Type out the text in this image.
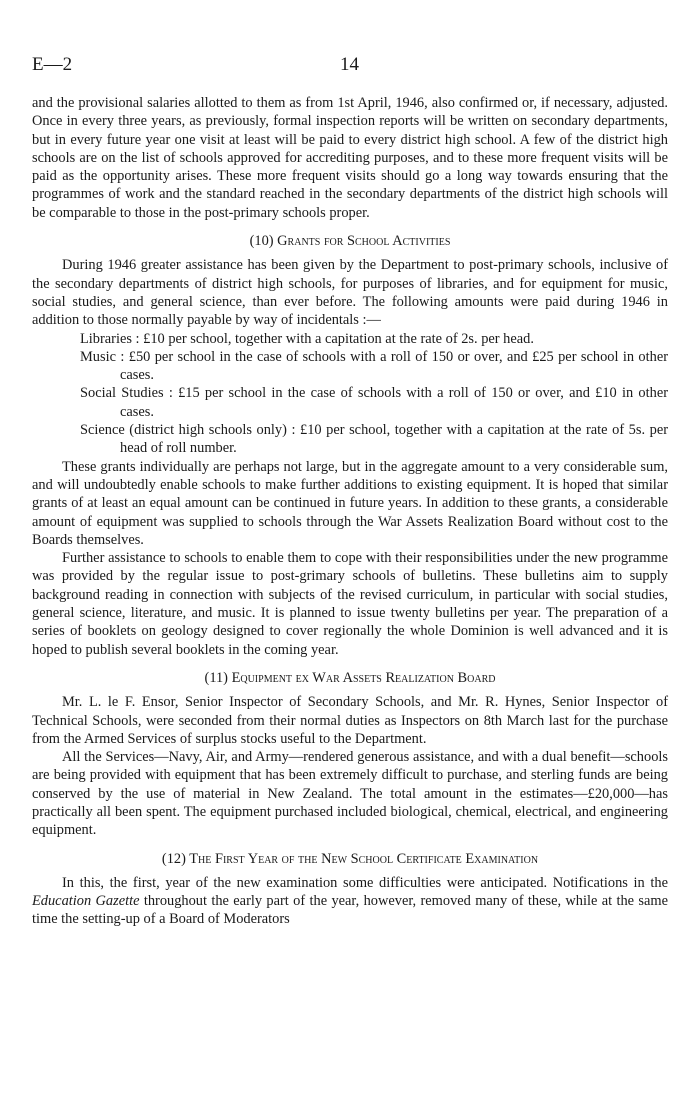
E—2	14

and the provisional salaries allotted to them as from 1st April, 1946, also confirmed or, if necessary, adjusted. Once in every three years, as previously, formal inspection reports will be written on secondary departments, but in every future year one visit at least will be paid to every district high school. A few of the district high schools are on the list of schools approved for accrediting purposes, and to these more frequent visits will be paid as the opportunity arises. These more frequent visits should go a long way towards ensuring that the programmes of work and the standard reached in the secondary departments of the district high schools will be comparable to those in the post-primary schools proper.

(10) Grants for School Activities

During 1946 greater assistance has been given by the Department to post-primary schools, inclusive of the secondary departments of district high schools, for purposes of libraries, and for equipment for music, social studies, and general science, than ever before. The following amounts were paid during 1946 in addition to those normally payable by way of incidentals :—

Libraries : £10 per school, together with a capitation at the rate of 2s. per head.

Music : £50 per school in the case of schools with a roll of 150 or over, and £25 per school in other cases.

Social Studies : £15 per school in the case of schools with a roll of 150 or over, and £10 in other cases.

Science (district high schools only) : £10 per school, together with a capitation at the rate of 5s. per head of roll number.

These grants individually are perhaps not large, but in the aggregate amount to a very considerable sum, and will undoubtedly enable schools to make further additions to existing equipment. It is hoped that similar grants of at least an equal amount can be continued in future years. In addition to these grants, a considerable amount of equipment was supplied to schools through the War Assets Realization Board without cost to the Boards themselves.

Further assistance to schools to enable them to cope with their responsibilities under the new programme was provided by the regular issue to post-grimary schools of bulletins. These bulletins aim to supply background reading in connection with subjects of the revised curriculum, in particular with social studies, general science, literature, and music. It is planned to issue twenty bulletins per year. The preparation of a series of booklets on geology designed to cover regionally the whole Dominion is well advanced and it is hoped to publish several booklets in the coming year.

(11) Equipment ex War Assets Realization Board

Mr. L. le F. Ensor, Senior Inspector of Secondary Schools, and Mr. R. Hynes, Senior Inspector of Technical Schools, were seconded from their normal duties as Inspectors on 8th March last for the purchase from the Armed Services of surplus stocks useful to the Department.

All the Services—Navy, Air, and Army—rendered generous assistance, and with a dual benefit—schools are being provided with equipment that has been extremely difficult to purchase, and sterling funds are being conserved by the use of material in New Zealand. The total amount in the estimates—£20,000—has practically all been spent. The equipment purchased included biological, chemical, electrical, and engineering equipment.

(12) The First Year of the New School Certificate Examination

In this, the first, year of the new examination some difficulties were anticipated. Notifications in the Education Gazette throughout the early part of the year, however, removed many of these, while at the same time the setting-up of a Board of Moderators
